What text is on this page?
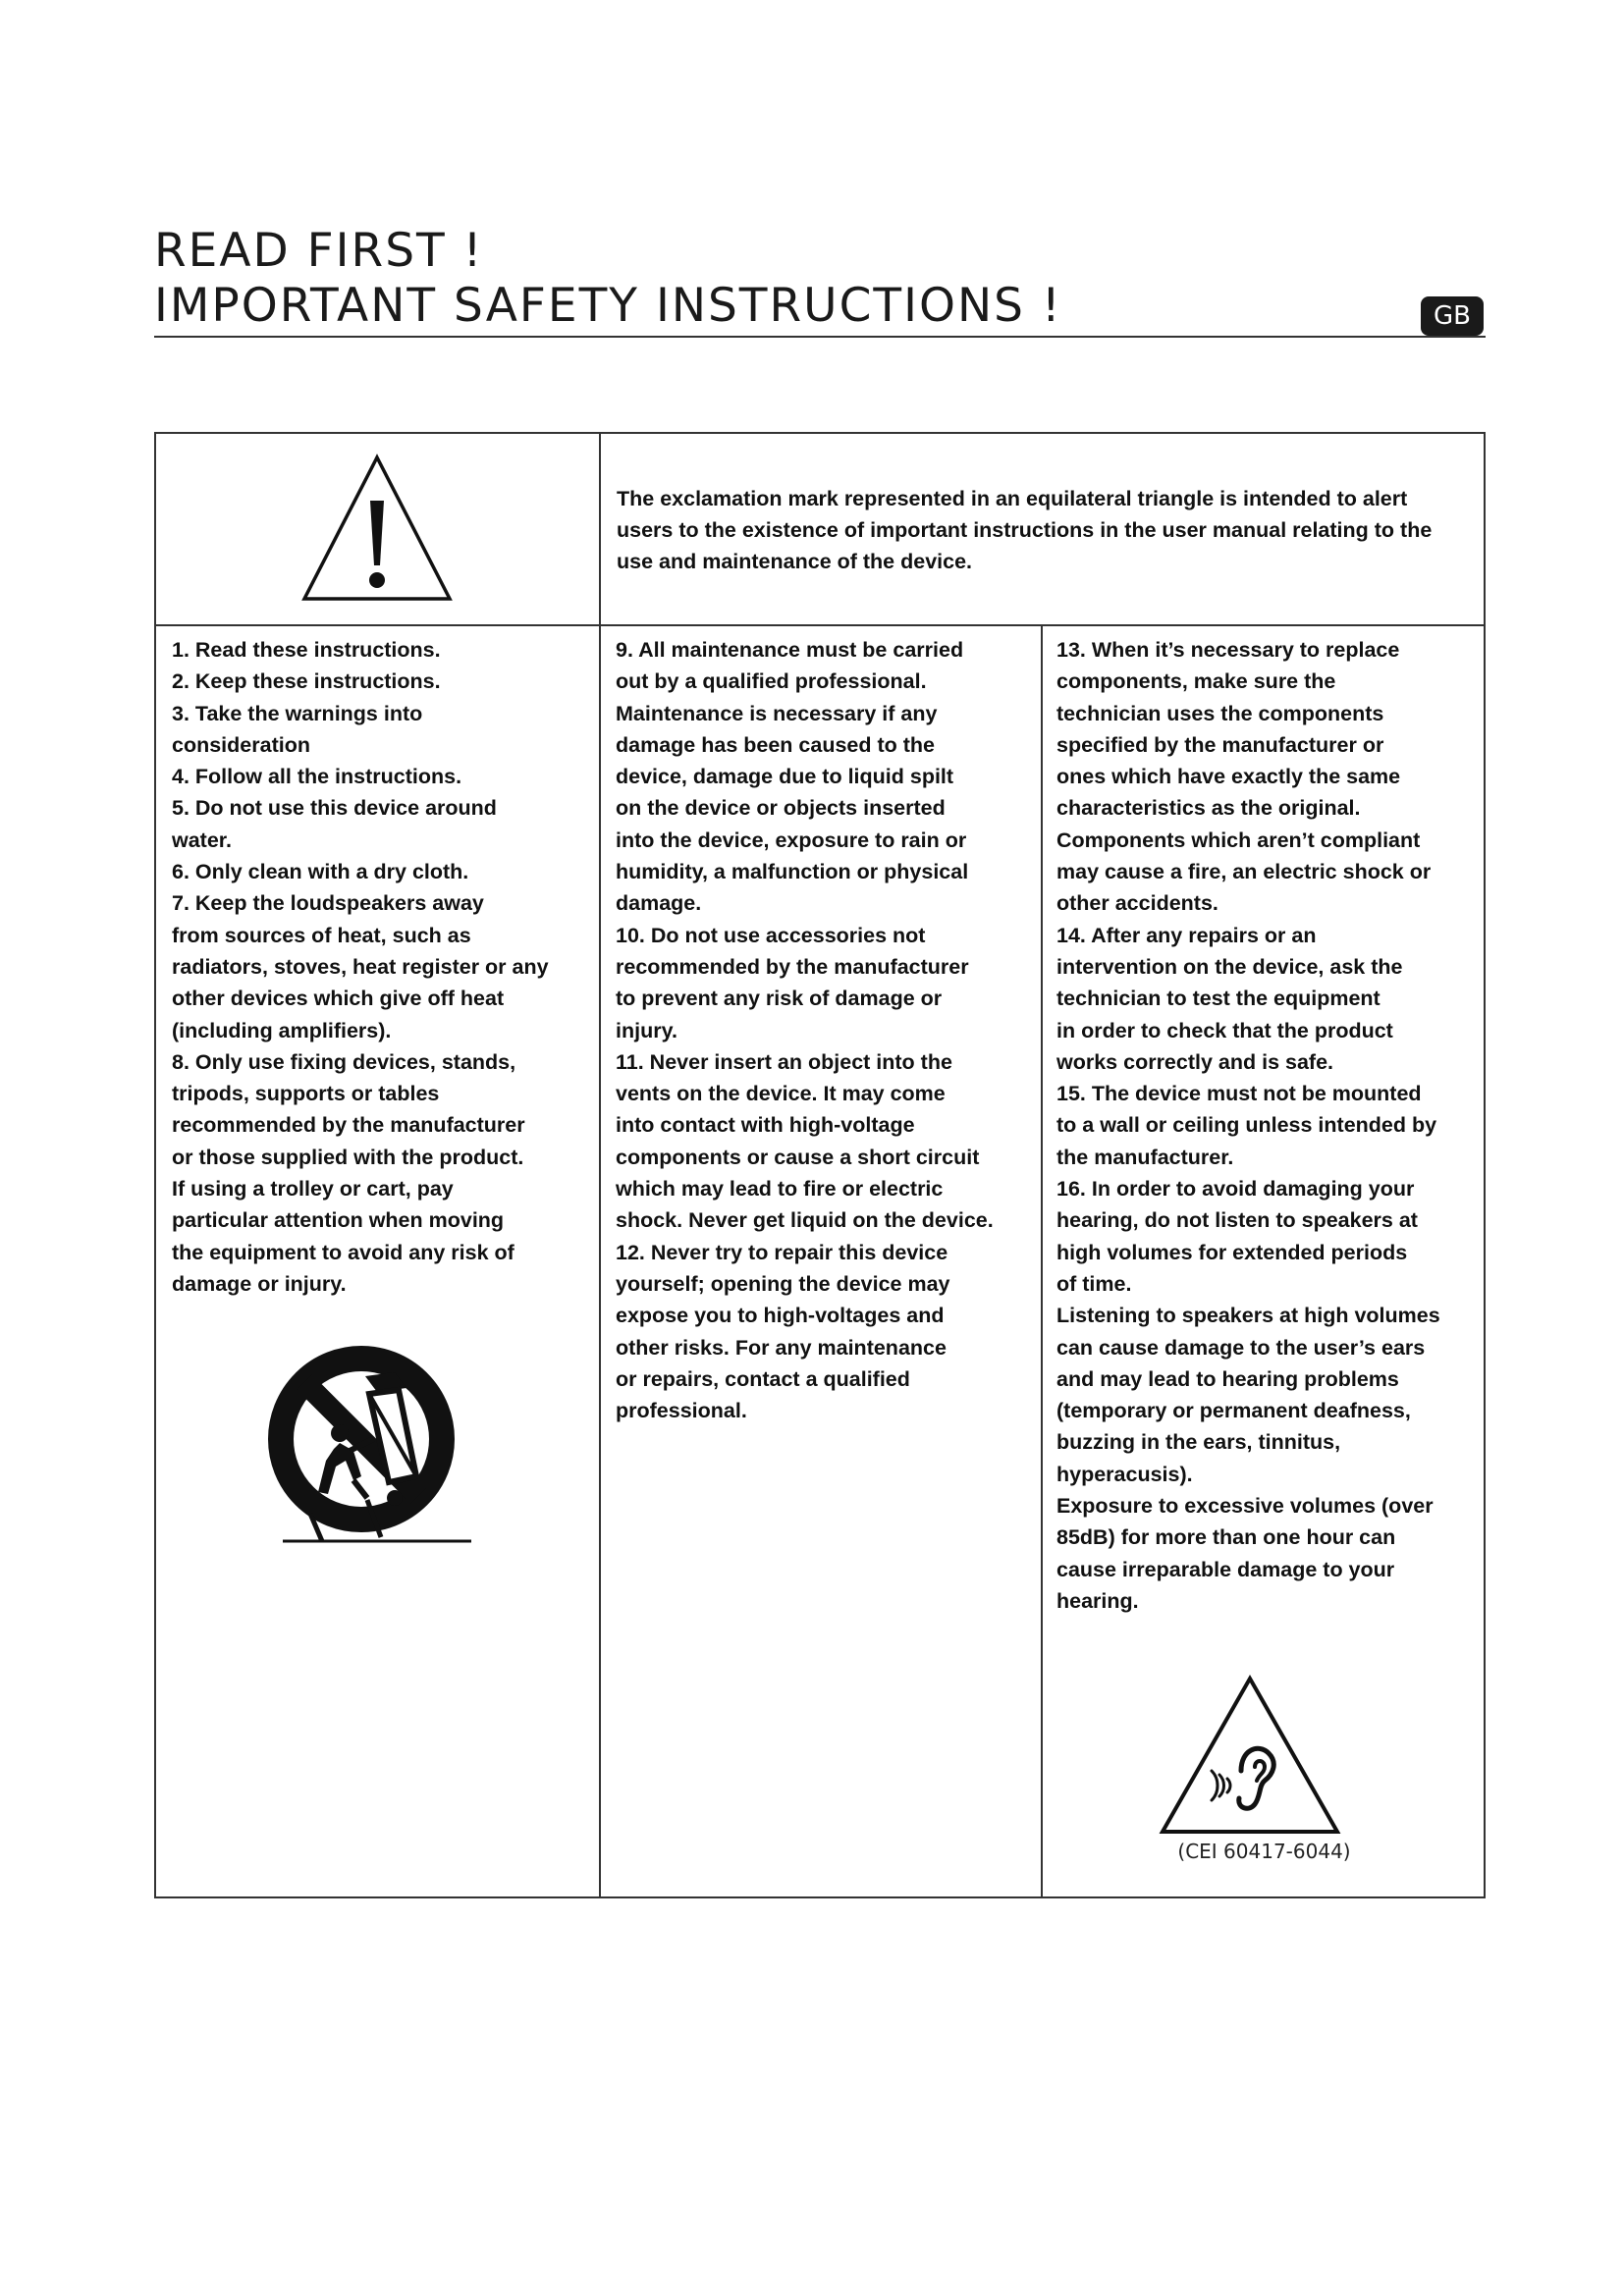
READ FIRST !
IMPORTANT SAFETY INSTRUCTIONS !	GB
The exclamation mark represented in an equilateral triangle is intended to alert users to the existence of important instructions in the user manual relating to the use and maintenance of the device.

1. Read these instructions.

2. Keep these instructions.

3. Take the warnings into
consideration

4. Follow all the instructions.

5. Do not use this device around
water.

6. Only clean with a dry cloth.

7. Keep the loudspeakers away
from sources of heat, such as
radiators, stoves, heat register or any
other devices which give off heat
(including amplifiers).

8. Only use fixing devices, stands,
tripods, supports or tables
recommended by the manufacturer
or those supplied with the product.
If using a trolley or cart, pay
particular attention when moving
the equipment to avoid any risk of
damage or injury.

9. All maintenance must be carried
out by a qualified professional.
Maintenance is necessary if any
damage has been caused to the
device, damage due to liquid spilt
on the device or objects inserted
into the device, exposure to rain or
humidity, a malfunction or physical
damage.

10. Do not use accessories not
recommended by the manufacturer
to prevent any risk of damage or
injury.

11. Never insert an object into the
vents on the device. It may come
into contact with high-voltage
components or cause a short circuit
which may lead to fire or electric
shock. Never get liquid on the device.

12. Never try to repair this device
yourself; opening the device may
expose you to high-voltages and
other risks. For any maintenance
or repairs, contact a qualified
professional.

13. When it’s necessary to replace
components, make sure the
technician uses the components
specified by the manufacturer or
ones which have exactly the same
characteristics as the original.
Components which aren’t compliant
may cause a fire, an electric shock or
other accidents.

14. After any repairs or an
intervention on the device, ask the
technician to test the equipment
in order to check that the product
works correctly and is safe.

15. The device must not be mounted
to a wall or ceiling unless intended by
the manufacturer.

16. In order to avoid damaging your
hearing, do not listen to speakers at
high volumes for extended periods
of time.
Listening to speakers at high volumes
can cause damage to the user’s ears
and may lead to hearing problems
(temporary or permanent deafness,
buzzing in the ears, tinnitus,
hyperacusis).
Exposure to excessive volumes (over
85dB) for more than one hour can
cause irreparable damage to your
hearing.

(CEI 60417-6044)
